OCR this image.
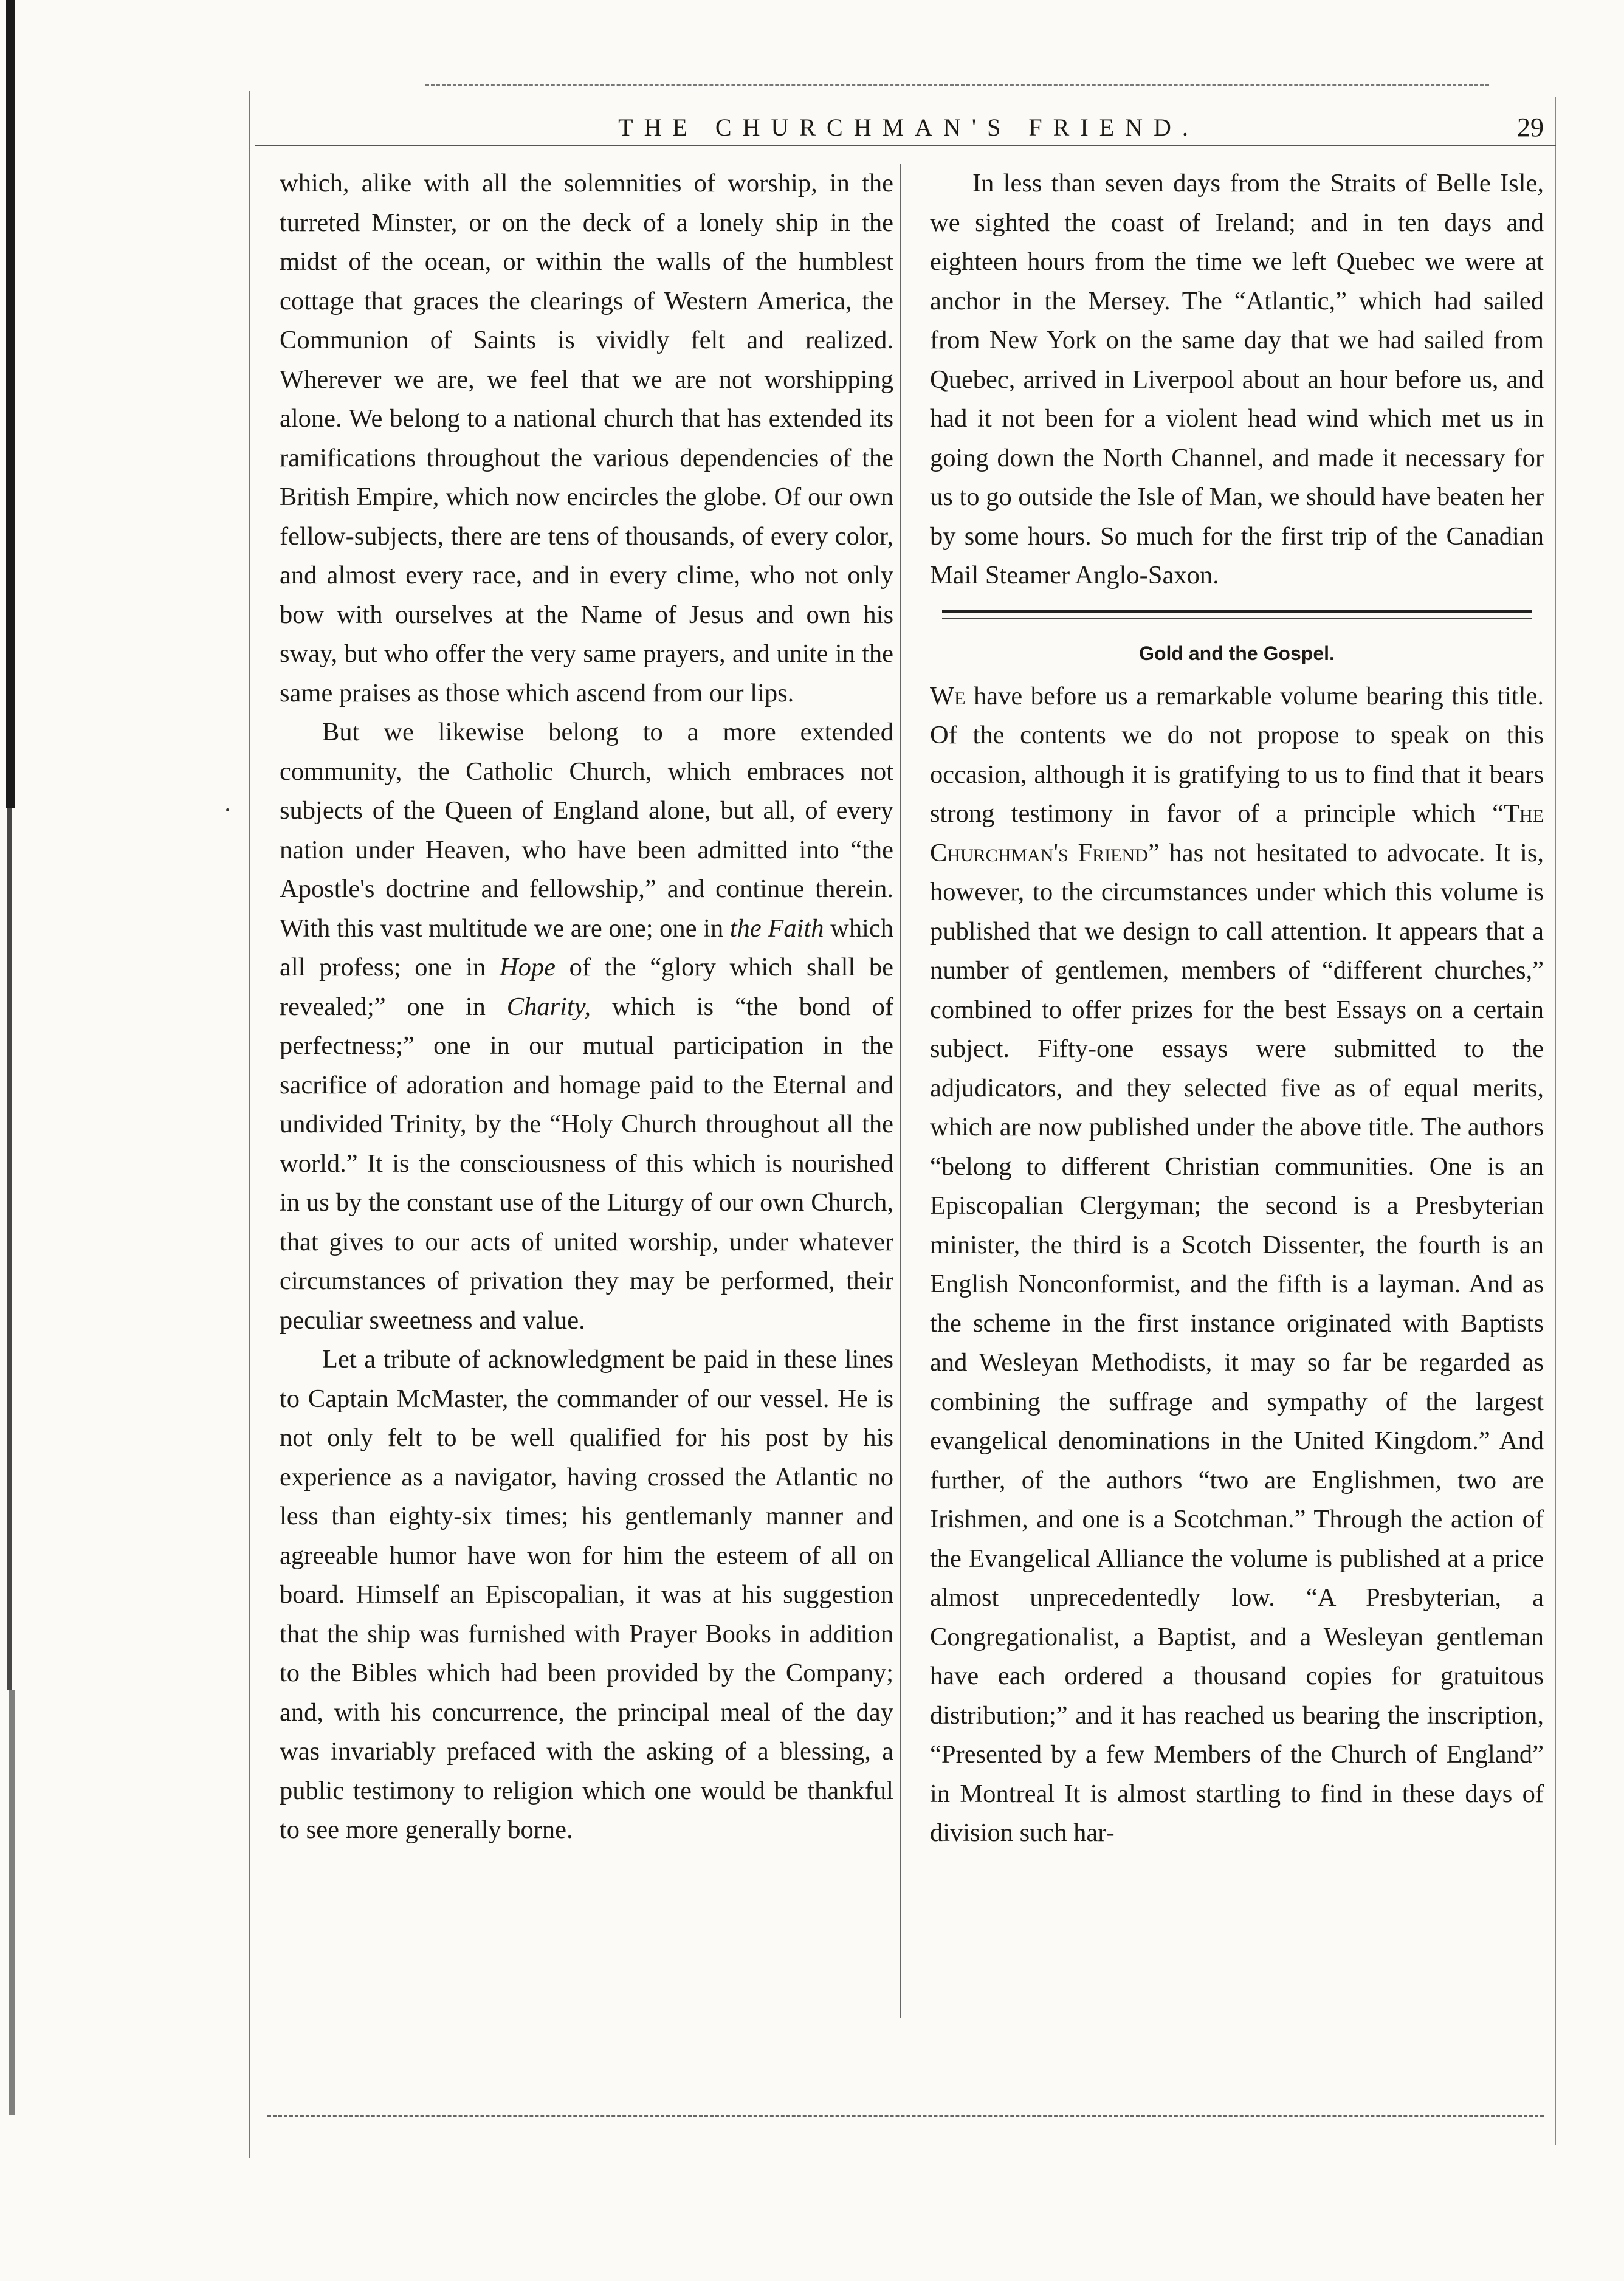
THE CHURCHMAN'S FRIEND.	29

which, alike with all the solemnities of worship, in the turreted Minster, or on the deck of a lonely ship in the midst of the ocean, or within the walls of the humblest cottage that graces the clearings of Western America, the Communion of Saints is vividly felt and realized. Wherever we are, we feel that we are not worshipping alone. We belong to a national church that has extended its ramifications throughout the various dependencies of the British Empire, which now encircles the globe. Of our own fellow-subjects, there are tens of thousands, of every color, and almost every race, and in every clime, who not only bow with ourselves at the Name of Jesus and own his sway, but who offer the very same prayers, and unite in the same praises as those which ascend from our lips.

But we likewise belong to a more extended community, the Catholic Church, which embraces not subjects of the Queen of England alone, but all, of every nation under Heaven, who have been admitted into “the Apostle's doctrine and fellowship,” and continue therein. With this vast multitude we are one; one in the Faith which all profess; one in Hope of the “glory which shall be revealed;” one in Charity, which is “the bond of perfectness;” one in our mutual participation in the sacrifice of adoration and homage paid to the Eternal and undivided Trinity, by the “Holy Church throughout all the world.” It is the consciousness of this which is nourished in us by the constant use of the Liturgy of our own Church, that gives to our acts of united worship, under whatever circumstances of privation they may be performed, their peculiar sweetness and value.

Let a tribute of acknowledgment be paid in these lines to Captain McMaster, the commander of our vessel. He is not only felt to be well qualified for his post by his experience as a navigator, having crossed the Atlantic no less than eighty-six times; his gentlemanly manner and agreeable humor have won for him the esteem of all on board. Himself an Episcopalian, it was at his suggestion that the ship was furnished with Prayer Books in addition to the Bibles which had been provided by the Company; and, with his concurrence, the principal meal of the day was invariably prefaced with the asking of a blessing, a public testimony to religion which one would be thankful to see more generally borne.

In less than seven days from the Straits of Belle Isle, we sighted the coast of Ireland; and in ten days and eighteen hours from the time we left Quebec we were at anchor in the Mersey. The “Atlantic,” which had sailed from New York on the same day that we had sailed from Quebec, arrived in Liverpool about an hour before us, and had it not been for a violent head wind which met us in going down the North Channel, and made it necessary for us to go outside the Isle of Man, we should have beaten her by some hours. So much for the first trip of the Canadian Mail Steamer Anglo-Saxon.

Gold and the Gospel.

We have before us a remarkable volume bearing this title. Of the contents we do not propose to speak on this occasion, although it is gratifying to us to find that it bears strong testimony in favor of a principle which “The Churchman's Friend” has not hesitated to advocate. It is, however, to the circumstances under which this volume is published that we design to call attention. It appears that a number of gentlemen, members of “different churches,” combined to offer prizes for the best Essays on a certain subject. Fifty-one essays were submitted to the adjudicators, and they selected five as of equal merits, which are now published under the above title. The authors “belong to different Christian communities. One is an Episcopalian Clergyman; the second is a Presbyterian minister, the third is a Scotch Dissenter, the fourth is an English Nonconformist, and the fifth is a layman. And as the scheme in the first instance originated with Baptists and Wesleyan Methodists, it may so far be regarded as combining the suffrage and sympathy of the largest evangelical denominations in the United Kingdom.” And further, of the authors “two are Englishmen, two are Irishmen, and one is a Scotchman.” Through the action of the Evangelical Alliance the volume is published at a price almost unprecedentedly low. “A Presbyterian, a Congregationalist, a Baptist, and a Wesleyan gentleman have each ordered a thousand copies for gratuitous distribution;” and it has reached us bearing the inscription, “Presented by a few Members of the Church of England” in Montreal It is almost startling to find in these days of division such har-
